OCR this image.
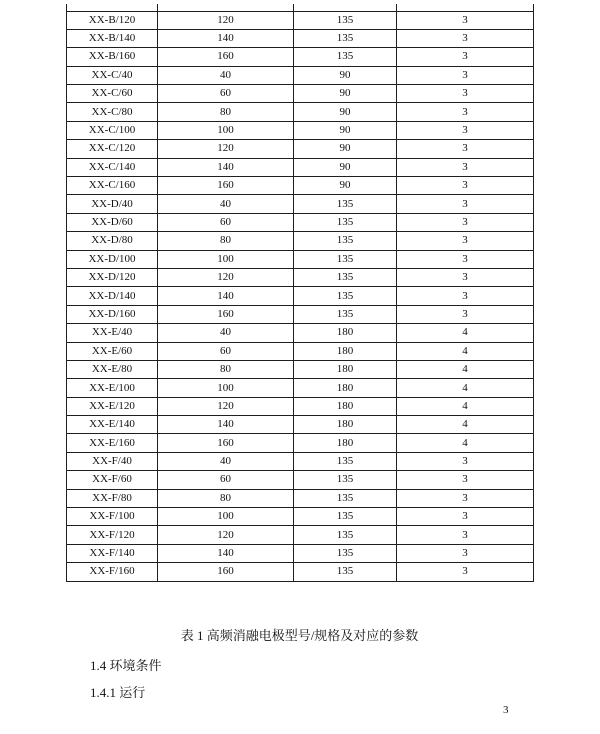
XX-B/120	120	135	3
XX-B/140	140	135	3
XX-B/160	160	135	3
XX-C/40	40	90	3
XX-C/60	60	90	3
XX-C/80	80	90	3
XX-C/100	100	90	3
XX-C/120	120	90	3
XX-C/140	140	90	3
XX-C/160	160	90	3
XX-D/40	40	135	3
XX-D/60	60	135	3
XX-D/80	80	135	3
XX-D/100	100	135	3
XX-D/120	120	135	3
XX-D/140	140	135	3
XX-D/160	160	135	3
XX-E/40	40	180	4
XX-E/60	60	180	4
XX-E/80	80	180	4
XX-E/100	100	180	4
XX-E/120	120	180	4
XX-E/140	140	180	4
XX-E/160	160	180	4
XX-F/40	40	135	3
XX-F/60	60	135	3
XX-F/80	80	135	3
XX-F/100	100	135	3
XX-F/120	120	135	3
XX-F/140	140	135	3
XX-F/160	160	135	3
表 1 高频消融电极型号/规格及对应的参数
1.4 环境条件
1.4.1 运行
3
